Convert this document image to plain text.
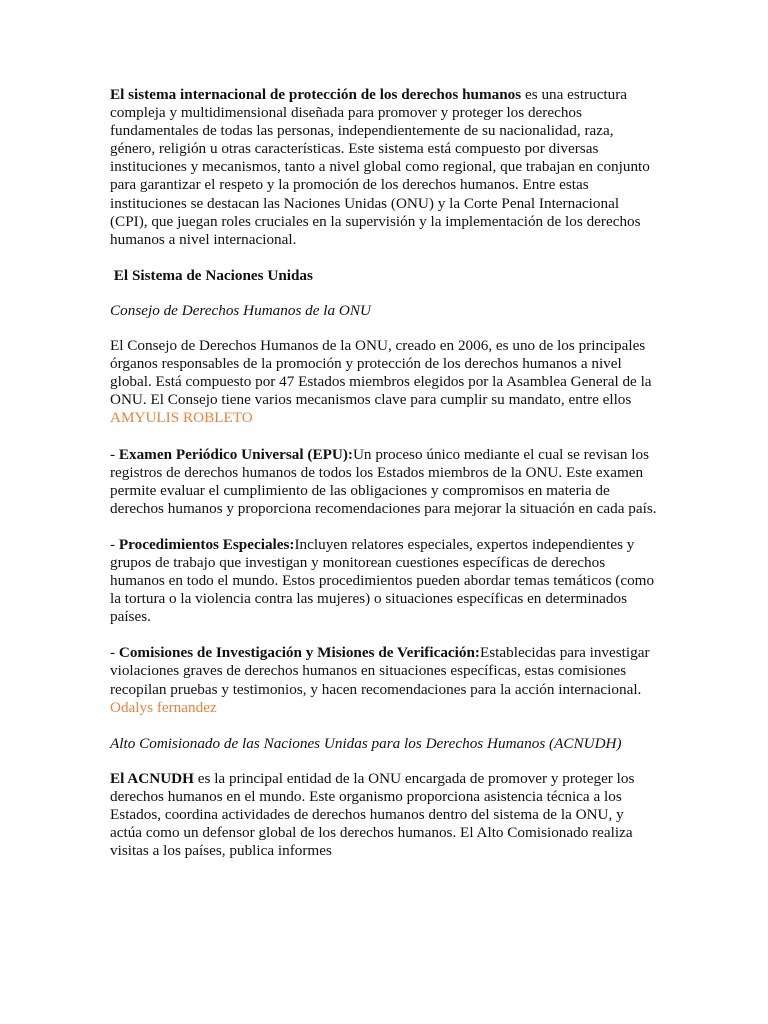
El sistema internacional de protección de los derechos humanos es una estructura compleja y multidimensional diseñada para promover y proteger los derechos fundamentales de todas las personas, independientemente de su nacionalidad, raza, género, religión u otras características. Este sistema está compuesto por diversas instituciones y mecanismos, tanto a nivel global como regional, que trabajan en conjunto para garantizar el respeto y la promoción de los derechos humanos. Entre estas instituciones se destacan las Naciones Unidas (ONU) y la Corte Penal Internacional (CPI), que juegan roles cruciales en la supervisión y la implementación de los derechos humanos a nivel internacional.

El Sistema de Naciones Unidas

Consejo de Derechos Humanos de la ONU

El Consejo de Derechos Humanos de la ONU, creado en 2006, es uno de los principales órganos responsables de la promoción y protección de los derechos humanos a nivel global. Está compuesto por 47 Estados miembros elegidos por la Asamblea General de la ONU. El Consejo tiene varios mecanismos clave para cumplir su mandato, entre ellos AMYULIS ROBLETO

- Examen Periódico Universal (EPU):Un proceso único mediante el cual se revisan los registros de derechos humanos de todos los Estados miembros de la ONU. Este examen permite evaluar el cumplimiento de las obligaciones y compromisos en materia de derechos humanos y proporciona recomendaciones para mejorar la situación en cada país.

- Procedimientos Especiales:Incluyen relatores especiales, expertos independientes y grupos de trabajo que investigan y monitorean cuestiones específicas de derechos humanos en todo el mundo. Estos procedimientos pueden abordar temas temáticos (como la tortura o la violencia contra las mujeres) o situaciones específicas en determinados países.

- Comisiones de Investigación y Misiones de Verificación:Establecidas para investigar violaciones graves de derechos humanos en situaciones específicas, estas comisiones recopilan pruebas y testimonios, y hacen recomendaciones para la acción internacional. Odalys fernandez

Alto Comisionado de las Naciones Unidas para los Derechos Humanos (ACNUDH)

El ACNUDH es la principal entidad de la ONU encargada de promover y proteger los derechos humanos en el mundo. Este organismo proporciona asistencia técnica a los Estados, coordina actividades de derechos humanos dentro del sistema de la ONU, y actúa como un defensor global de los derechos humanos. El Alto Comisionado realiza visitas a los países, publica informes
